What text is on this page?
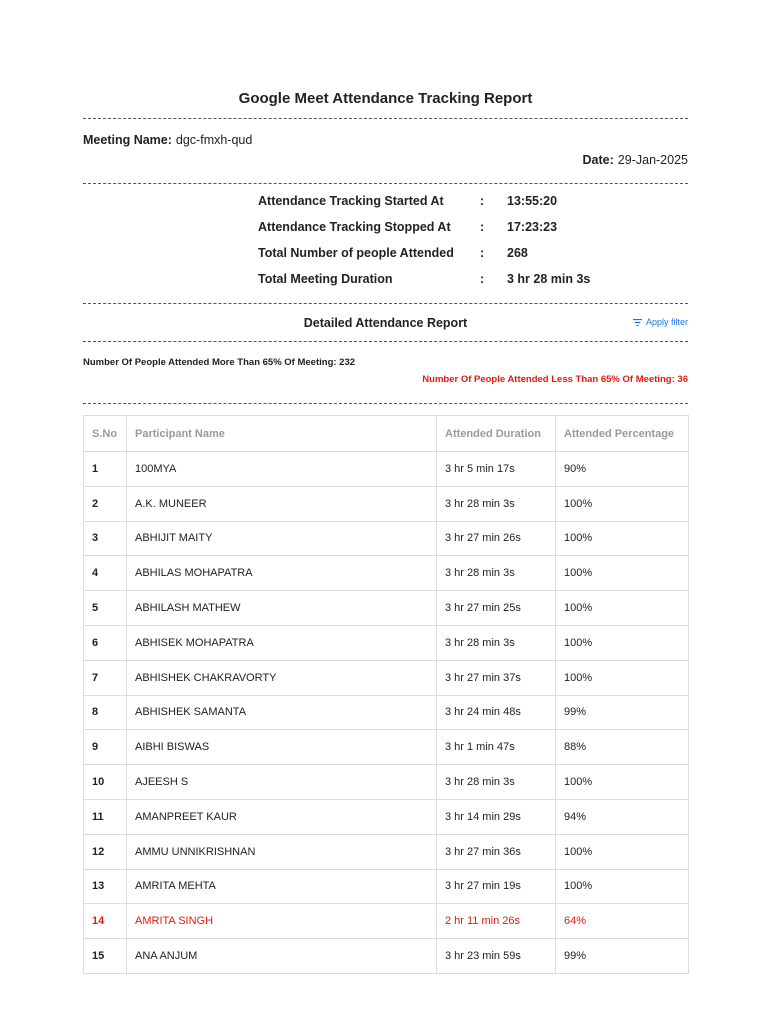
Google Meet Attendance Tracking Report
Meeting Name: dgc-fmxh-qud
Date: 29-Jan-2025
Attendance Tracking Started At	:	13:55:20
Attendance Tracking Stopped At	:	17:23:23
Total Number of people Attended	:	268
Total Meeting Duration	:	3 hr 28 min 3s
Detailed Attendance Report	Apply filter
Number Of People Attended More Than 65% Of Meeting: 232
Number Of People Attended Less Than 65% Of Meeting: 36
S.No	Participant Name	Attended Duration	Attended Percentage
1	100MYA	3 hr 5 min 17s	90%
2	A.K. MUNEER	3 hr 28 min 3s	100%
3	ABHIJIT MAITY	3 hr 27 min 26s	100%
4	ABHILAS MOHAPATRA	3 hr 28 min 3s	100%
5	ABHILASH MATHEW	3 hr 27 min 25s	100%
6	ABHISEK MOHAPATRA	3 hr 28 min 3s	100%
7	ABHISHEK CHAKRAVORTY	3 hr 27 min 37s	100%
8	ABHISHEK SAMANTA	3 hr 24 min 48s	99%
9	AIBHI BISWAS	3 hr 1 min 47s	88%
10	AJEESH S	3 hr 28 min 3s	100%
11	AMANPREET KAUR	3 hr 14 min 29s	94%
12	AMMU UNNIKRISHNAN	3 hr 27 min 36s	100%
13	AMRITA MEHTA	3 hr 27 min 19s	100%
14	AMRITA SINGH	2 hr 11 min 26s	64%
15	ANA ANJUM	3 hr 23 min 59s	99%
